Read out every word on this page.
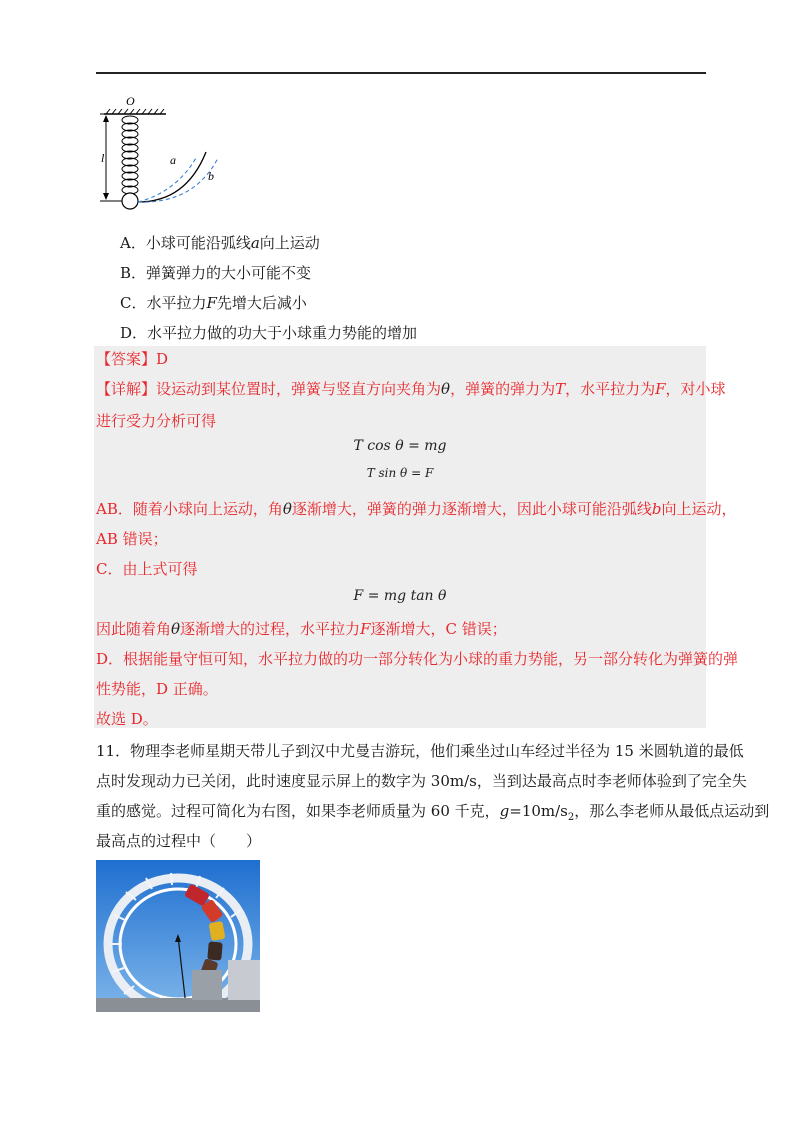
O
l	a
b
A．小球可能沿弧线a向上运动
B．弹簧弹力的大小可能不变
C．水平拉力F先增大后减小
D．水平拉力做的功大于小球重力势能的增加
【答案】D
【详解】设运动到某位置时，弹簧与竖直方向夹角为θ，弹簧的弹力为T，水平拉力为F，对小球
进行受力分析可得
T cos θ = mg
T sin θ = F
AB．随着小球向上运动，角θ逐渐增大，弹簧的弹力逐渐增大，因此小球可能沿弧线b向上运动，
AB 错误；
C．由上式可得
F = mg tan θ
因此随着角θ逐渐增大的过程，水平拉力F逐渐增大，C 错误；
D．根据能量守恒可知，水平拉力做的功一部分转化为小球的重力势能，另一部分转化为弹簧的弹
性势能，D 正确。
故选 D。
11．物理李老师星期天带儿子到汉中尤曼吉游玩，他们乘坐过山车经过半径为 15 米圆轨道的最低
点时发现动力已关闭，此时速度显示屏上的数字为 30m/s，当到达最高点时李老师体验到了完全失
重的感觉。过程可简化为右图，如果李老师质量为 60 千克，$g=10m/s_2$，那么李老师从最低点运动到
最高点的过程中（　　）
